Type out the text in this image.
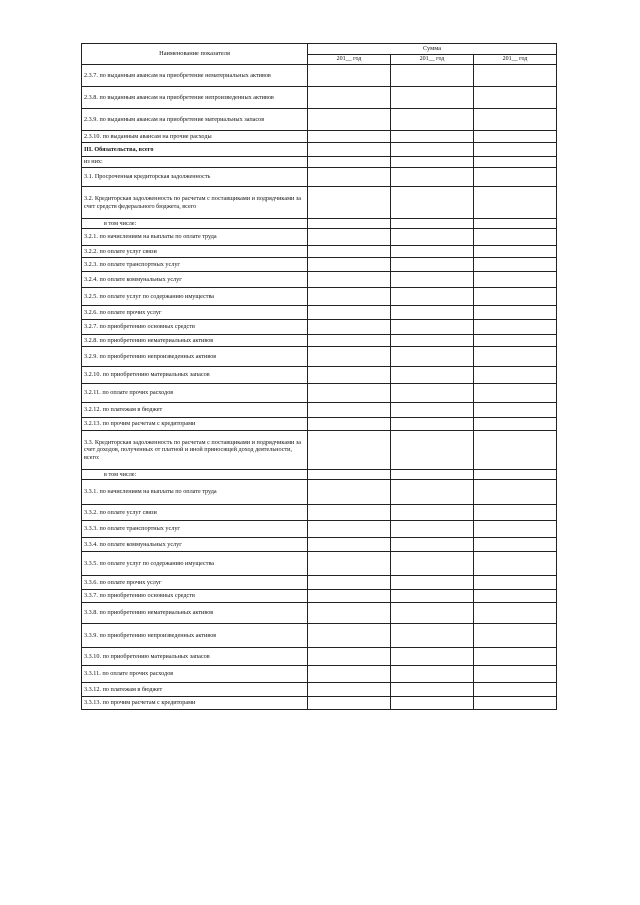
Наименование показателя	Сумма		
	201__ год	201__ год	201__ год
2.3.7. по выданным авансам на приобретение нематериальных активов			
2.3.8. по выданным авансам на приобретение непроизведенных активов			
2.3.9. по выданным авансам на приобретение материальных запасов			
2.3.10. по выданным авансам на прочие расходы			
III. Обязательства, всего			
из них:			
3.1. Просроченная кредиторская задолженность			
3.2. Кредиторская задолженность по расчетам с поставщиками и подрядчиками за счет средств федерального бюджета, всего			
в том числе:			
3.2.1. по начислениям на выплаты по оплате труда			
3.2.2. по оплате услуг связи			
3.2.3. по оплате транспортных услуг			
3.2.4. по оплате коммунальных услуг			
3.2.5. по оплате услуг по содержанию имущества			
3.2.6. по оплате прочих услуг			
3.2.7. по приобретению основных средств			
3.2.8. по приобретению нематериальных активов			
3.2.9. по приобретению непроизведенных активов			
3.2.10. по приобретению материальных запасов			
3.2.11. по оплате прочих расходов			
3.2.12. по платежам в бюджет			
3.2.13. по прочим расчетам с кредиторами			
3.3. Кредиторская задолженность по расчетам с поставщиками и подрядчиками за счет доходов, полученных от платной и иной приносящей доход деятельности, всего:			
в том числе:			
3.3.1. по начислениям на выплаты по оплате труда			
3.3.2. по оплате услуг связи			
3.3.3. по оплате транспортных услуг			
3.3.4. по оплате коммунальных услуг			
3.3.5. по оплате услуг по содержанию имущества			
3.3.6. по оплате прочих услуг			
3.3.7. по приобретению основных средств			
3.3.8. по приобретению нематериальных активов			
3.3.9. по приобретению непроизведенных активов			
3.3.10. по приобретению материальных запасов			
3.3.11. по оплате прочих расходов			
3.3.12. по платежам в бюджет			
3.3.13. по прочим расчетам с кредиторами			
